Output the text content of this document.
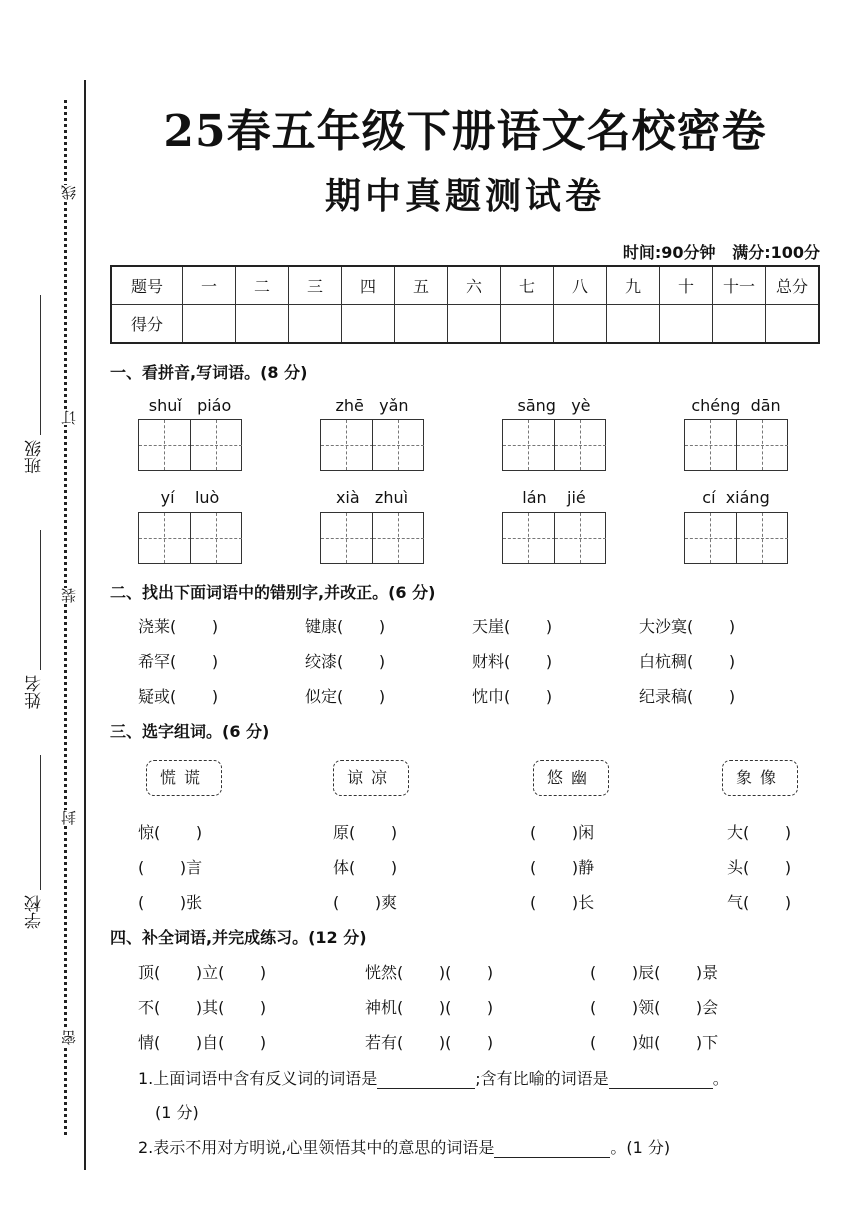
班级
姓名
学校
线
订
装
封
密
25春五年级下册语文名校密卷
期中真题测试卷
时间:90分钟   满分:100分
题号	一	二	三	四	五	六	七	八	九	十	十一	总分
得分												
一、看拼音,写词语。(8 分)
shuǐ piáo	zhē yǎn	sāng yè	chéng dān
yí luò	xià zhuì	lán jié	cí xiáng
二、找出下面词语中的错别字,并改正。(6 分)
浇莱(       )	键康(       )	天崖(       )	大沙寞(       )
希罕(       )	绞漆(       )	财料(       )	白杭稠(       )
疑或(       )	似定(       )	忱巾(       )	纪录稿(       )
三、选字组词。(6 分)
慌谎	谅凉	悠幽	象像
惊(       )	原(       )	(       )闲	大(       )
(       )言	体(       )	(       )静	头(       )
(       )张	(       )爽	(       )长	气(       )
四、补全词语,并完成练习。(12 分)
顶(       )立(       )	恍然(       )(       )	(       )辰(       )景
不(       )其(       )	神机(       )(       )	(       )领(       )会
情(       )自(       )	若有(       )(       )	(       )如(       )下
1.上面词语中含有反义词的词语是	;含有比喻的词语是	。
(1 分)
2.表示不用对方明说,心里领悟其中的意思的词语是	。(1 分)
